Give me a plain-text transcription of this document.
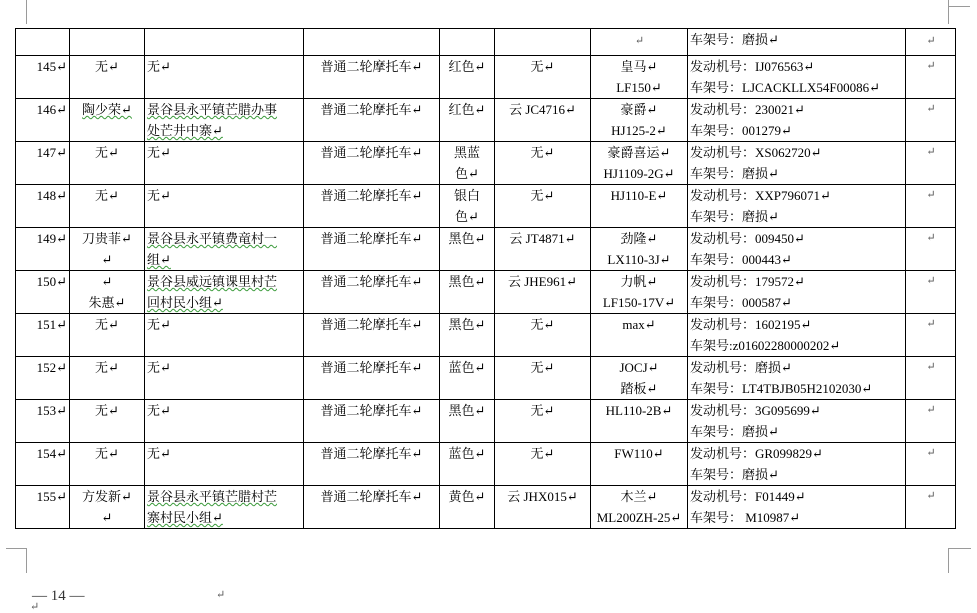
						↵	车架号：磨损↵	↵

145↵	无↵	无↵	普通二轮摩托车↵	红色↵	无↵	皇马↵
LF150↵	发动机号：IJ076563↵
车架号：LJCACKLLX54F00086↵	↵

146↵	陶少荣↵	景谷县永平镇芒腊办事
处芒井中寨↵	普通二轮摩托车↵	红色↵	云 JC4716↵	豪爵↵
HJ125-2↵	发动机号：230021↵
车架号：001279↵	↵

147↵	无↵	无↵	普通二轮摩托车↵	黑蓝
色↵	无↵	豪爵喜运↵
HJ1109-2G↵	发动机号：XS062720↵
车架号：磨损↵	↵

148↵	无↵	无↵	普通二轮摩托车↵	银白
色↵	无↵	HJ110-E↵	发动机号：XXP796071↵
车架号：磨损↵	↵

149↵	刀贵菲↵
↵	景谷县永平镇费竜村一
组↵	普通二轮摩托车↵	黑色↵	云 JT4871↵	劲隆↵
LX110-3J↵	发动机号：009450↵
车架号：000443↵	↵

150↵	↵
朱惠↵	景谷县威远镇课里村芒
回村民小组↵	普通二轮摩托车↵	黑色↵	云 JHE961↵	力帆↵
LF150-17V↵	发动机号：179572↵
车架号：000587↵	↵

151↵	无↵	无↵	普通二轮摩托车↵	黑色↵	无↵	max↵	发动机号：1602195↵
车架号:z01602280000202↵	↵

152↵	无↵	无↵	普通二轮摩托车↵	蓝色↵	无↵	JOCJ↵
踏板↵	发动机号：磨损↵
车架号：LT4TBJB05H2102030↵	↵

153↵	无↵	无↵	普通二轮摩托车↵	黑色↵	无↵	HL110-2B↵	发动机号：3G095699↵
车架号：磨损↵	↵

154↵	无↵	无↵	普通二轮摩托车↵	蓝色↵	无↵	FW110↵	发动机号：GR099829↵
车架号：磨损↵	↵

155↵	方发新↵
↵	景谷县永平镇芒腊村芒
寨村民小组↵	普通二轮摩托车↵	黄色↵	云 JHX015↵	木兰↵
ML200ZH-25↵	发动机号：F01449↵
车架号： M10987↵	↵
— 14 —
↵
↵
